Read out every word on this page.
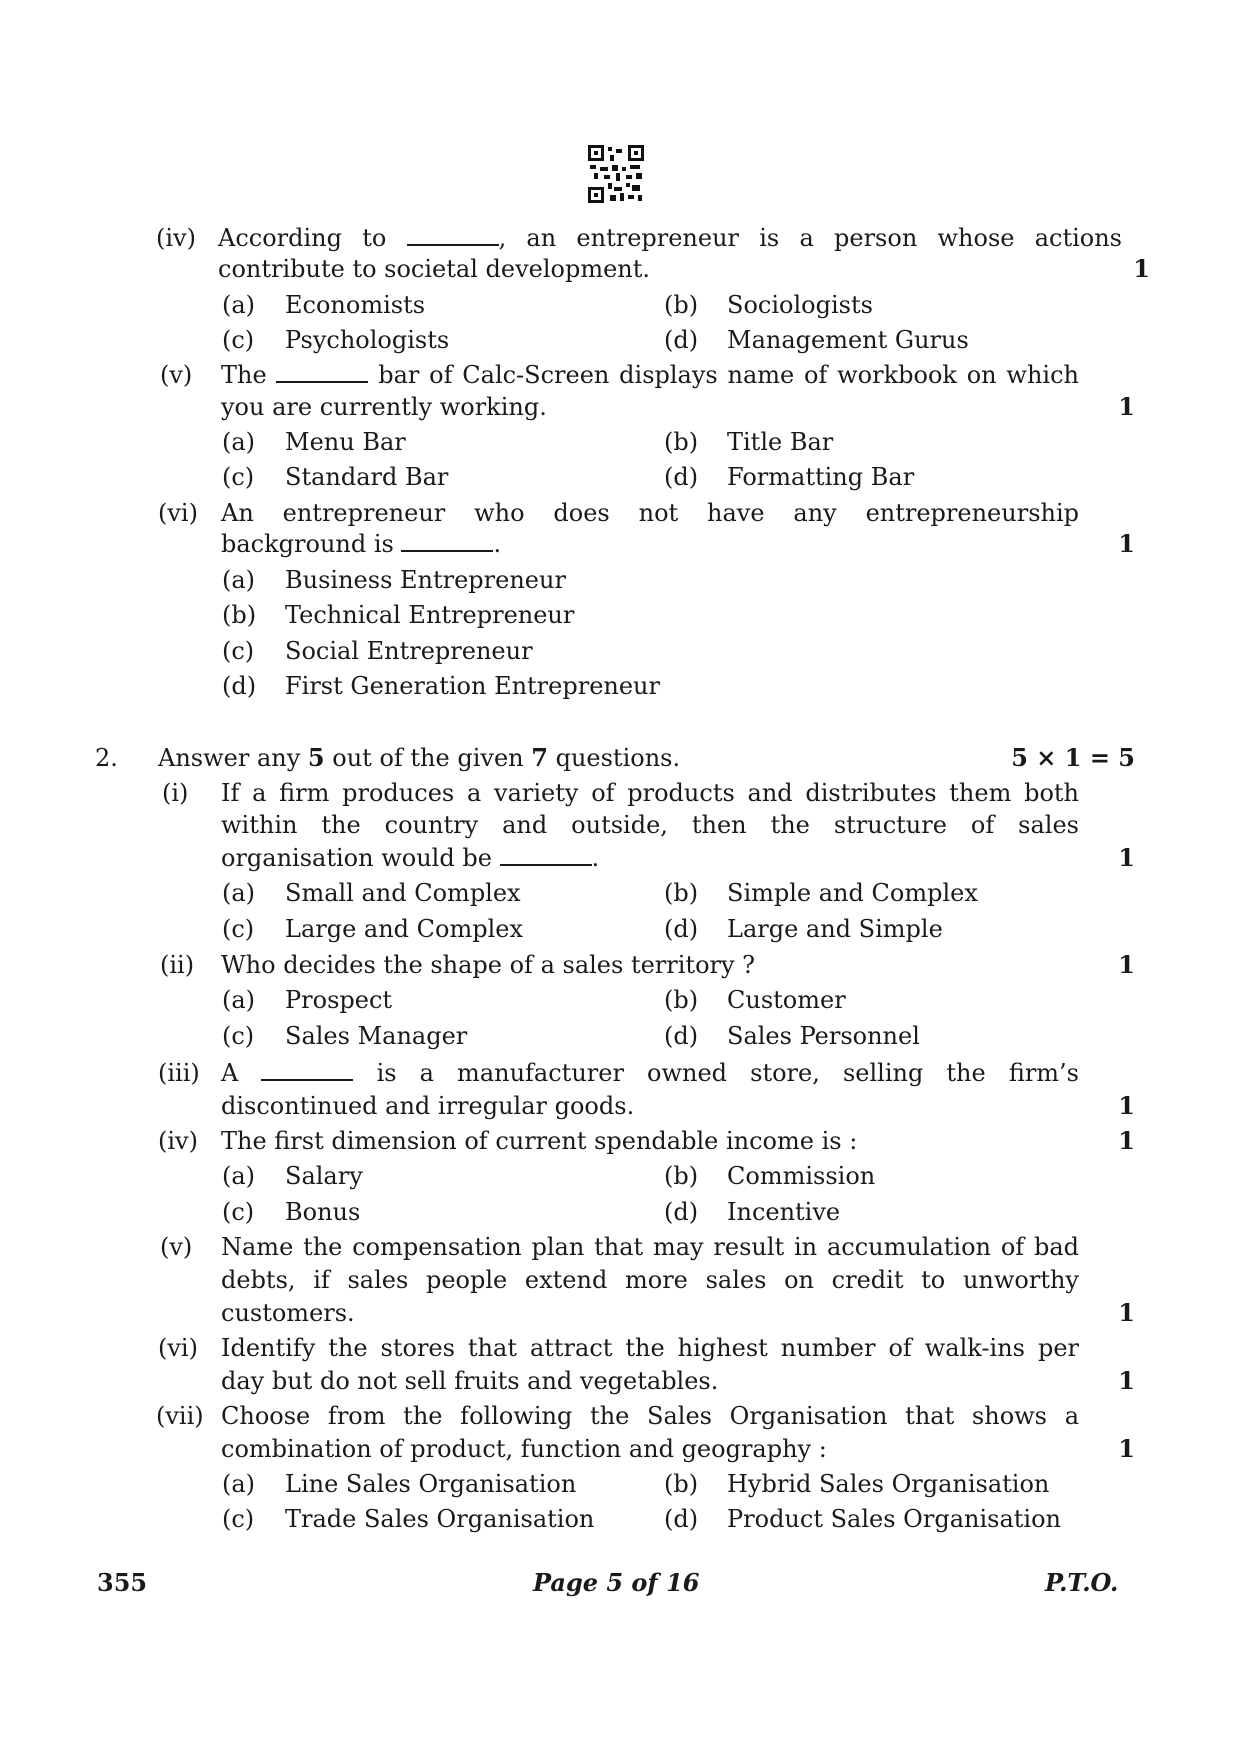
(iv) According to	, an entrepreneur is a person whose actions
contribute to societal development.	1
(a) Economists	(b) Sociologists
(c) Psychologists	(d) Management Gurus
(v) The	bar of Calc-Screen displays name of workbook on which
you are currently working.	1
(a) Menu Bar	(b) Title Bar
(c) Standard Bar	(d) Formatting Bar
(vi) An entrepreneur who does not have any entrepreneurship
background is	.	1
(a) Business Entrepreneur
(b) Technical Entrepreneur
(c) Social Entrepreneur
(d) First Generation Entrepreneur
2. Answer any 5 out of the given 7 questions.	5 × 1 = 5
(i) If a firm produces a variety of products and distributes them both
within the country and outside, then the structure of sales
organisation would be	.	1
(a) Small and Complex	(b) Simple and Complex
(c) Large and Complex	(d) Large and Simple
(ii) Who decides the shape of a sales territory ?	1
(a) Prospect	(b) Customer
(c) Sales Manager	(d) Sales Personnel
(iii) A	is a manufacturer owned store, selling the firm’s
discontinued and irregular goods.	1
(iv) The first dimension of current spendable income is :	1
(a) Salary	(b) Commission
(c) Bonus	(d) Incentive
(v) Name the compensation plan that may result in accumulation of bad
debts, if sales people extend more sales on credit to unworthy
customers.	1
(vi) Identify the stores that attract the highest number of walk-ins per
day but do not sell fruits and vegetables.	1
(vii) Choose from the following the Sales Organisation that shows a
combination of product, function and geography :	1
(a) Line Sales Organisation	(b) Hybrid Sales Organisation
(c) Trade Sales Organisation	(d) Product Sales Organisation
355	Page 5 of 16	P.T.O.
